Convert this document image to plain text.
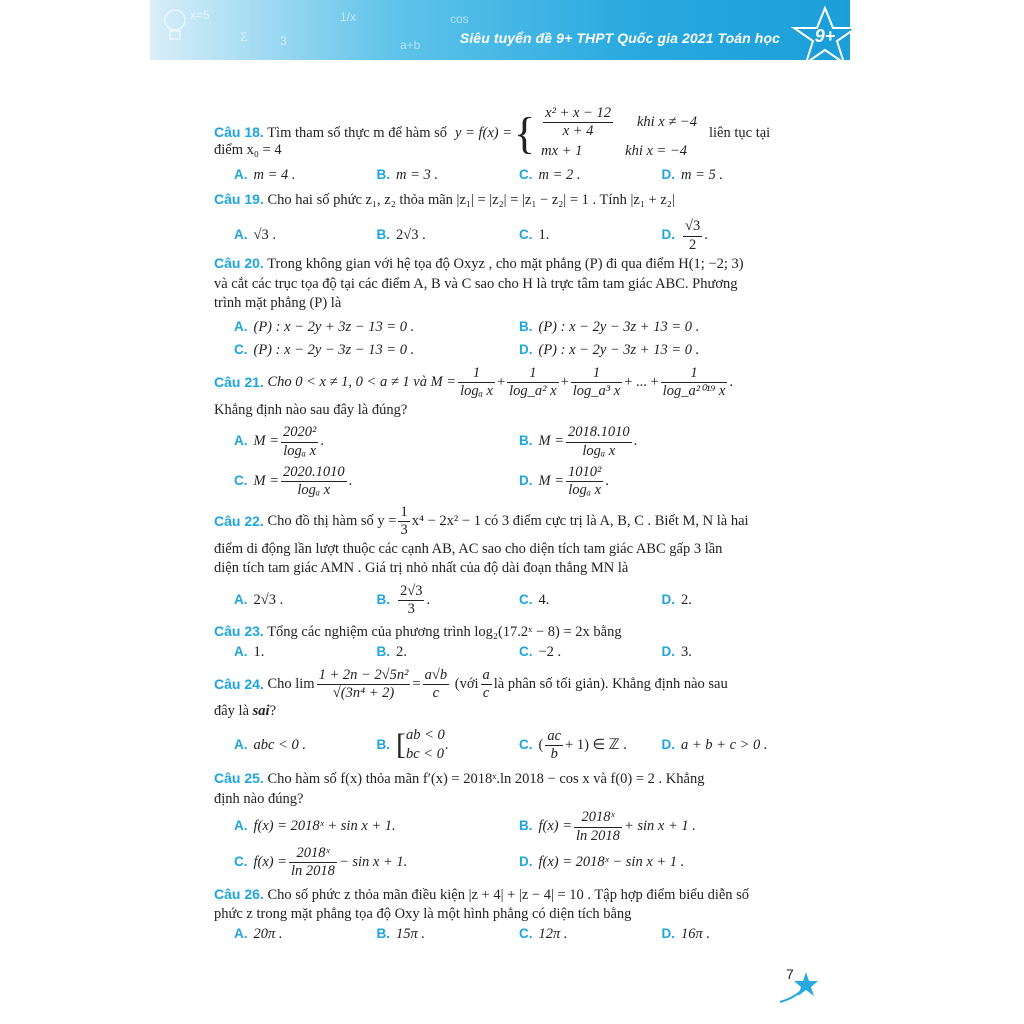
x=5
3	a+b
Σ
1/x	cos
Siêu tuyển đề 9+ THPT Quốc gia 2021 Toán học	9+
Câu 18. Tìm tham số thực m để hàm số y = f(x) = { $\frac{\text{x² + x − 12}}{x + 4}$ khi x ≠ −4
mx + 1	khi x = −4
liên tục tại
điểm x₀ = 4
A. m = 4 .	B. m = 3 .	C. m = 2 .	D. m = 5 .
Câu 19. Cho hai số phức z₁, z₂ thỏa mãn |z₁| = |z₂| = |z₁ − z₂| = 1 . Tính |z₁ + z₂|
A. √3 .	B. 2√3 .	C. 1.	D. $\frac{√3}{2}$ .
Câu 20. Trong không gian với hệ tọa độ Oxyz , cho mặt phẳng (P) đi qua điểm H(1; −2; 3)
và cắt các trục tọa độ tại các điểm A, B và C sao cho H là trực tâm tam giác ABC. Phương
trình mặt phẳng (P) là
A. (P) : x − 2y + 3z − 13 = 0 .	B. (P) : x − 2y − 3z + 13 = 0 .
C. (P) : x − 2y − 3z − 13 = 0 .	D. (P) : x − 2y − 3z + 13 = 0 .
Câu 21.
Cho 0 < x ≠ 1, 0 < a ≠ 1 và $M = \frac{1}{\text{logₐ x}} + \frac{1}{\text{log\_a² x}} + \frac{1}{\text{log\_a³ x}}$ + ... + $\frac{1}{\text{log\_a²⁰¹⁹ x}}$ .
Khẳng định nào sau đây là đúng?
A. $M = \frac{\text{2020²}}{\text{logₐ x}}$ .	B. $M = \frac{2018.1010}{\text{logₐ x}}$ .
C. $M = \frac{2020.1010}{\text{logₐ x}}$ .	D. $M = \frac{\text{1010²}}{\text{logₐ x}}$ .
Câu 22.
Cho đồ thị hàm số $y = \frac{1}{3} x^4 - 2x^2 - 1$ có 3 điểm cực trị là A, B, C . Biết M, N là hai
điểm di động lần lượt thuộc các cạnh AB, AC sao cho diện tích tam giác ABC gấp 3 lần
diện tích tam giác AMN . Giá trị nhỏ nhất của độ dài đoạn thẳng MN là
A. 2√3 .	B. $\frac{2√3}{3}$ .	C. 4.	D. 2.
Câu 23. Tổng các nghiệm của phương trình log₂(17.2ˣ − 8) = 2x bằng
A. 1.	B. 2.	C. −2 .	D. 3.
Câu 24.
Cho $\lim \frac{\text{1 + 2n − 2√5n²}}{\text{√(3n⁴ + 2)}} = \frac{a√b}{c}$
(với $\frac{a}{c}$ là phân số tối giản). Khẳng định nào sau
đây là sai?
A. abc < 0 .	B. [ ab < 0
bc < 0
.	C. ( $\frac{ac}{b} + 1$) ∈ ℤ .	D. a + b + c > 0 .
Câu 25. Cho hàm số f(x) thỏa mãn f′(x) = 2018ˣ.ln 2018 − cos x và f(0) = 2 . Khẳng
định nào đúng?
A. f(x) = 2018ˣ + sin x + 1.	B. $f(x) = \frac{\text{2018ˣ}}{\ln 2018} + \sin x + 1$ .
C. $f(x) = \frac{\text{2018ˣ}}{\ln 2018} - \sin x + 1$.	D. f(x) = 2018ˣ − sin x + 1 .
Câu 26. Cho số phức z thỏa mãn điều kiện |z + 4| + |z − 4| = 10 . Tập hợp điểm biểu diễn số
phức z trong mặt phẳng tọa độ Oxy là một hình phẳng có diện tích bằng
A. 20π .	B. 15π .	C. 12π .	D. 16π .
7
